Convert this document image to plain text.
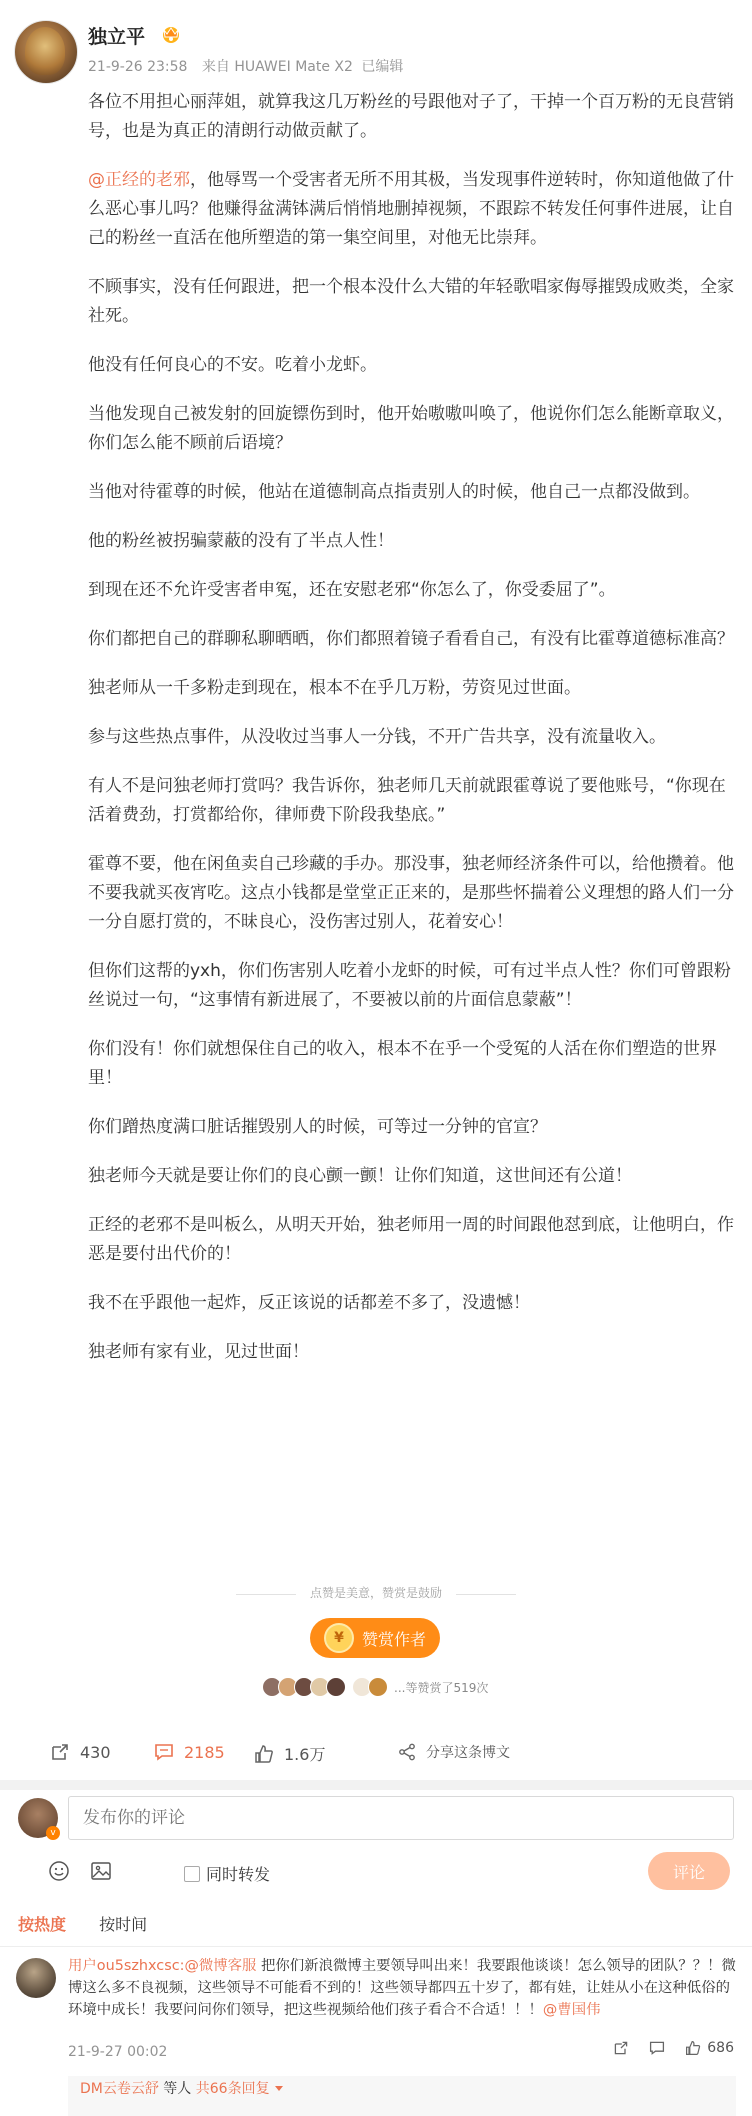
独立平
21-9-26 23:58 来自 HUAWEI Mate X2 已编辑

各位不用担心丽萍姐，就算我这几万粉丝的号跟他对子了，干掉一个百万粉的无良营销号，也是为真正的清朗行动做贡献了。

@正经的老邪，他辱骂一个受害者无所不用其极，当发现事件逆转时，你知道他做了什么恶心事儿吗？他赚得盆满钵满后悄悄地删掉视频，不跟踪不转发任何事件进展，让自己的粉丝一直活在他所塑造的第一集空间里，对他无比崇拜。

不顾事实，没有任何跟进，把一个根本没什么大错的年轻歌唱家侮辱摧毁成败类，全家社死。

他没有任何良心的不安。吃着小龙虾。

当他发现自己被发射的回旋镖伤到时，他开始嗷嗷叫唤了，他说你们怎么能断章取义，你们怎么能不顾前后语境？

当他对待霍尊的时候，他站在道德制高点指责别人的时候，他自己一点都没做到。

他的粉丝被拐骗蒙蔽的没有了半点人性！

到现在还不允许受害者申冤，还在安慰老邪“你怎么了，你受委屈了”。

你们都把自己的群聊私聊晒晒，你们都照着镜子看看自己，有没有比霍尊道德标准高？

独老师从一千多粉走到现在，根本不在乎几万粉，劳资见过世面。

参与这些热点事件，从没收过当事人一分钱，不开广告共享，没有流量收入。

有人不是问独老师打赏吗？我告诉你，独老师几天前就跟霍尊说了要他账号，“你现在活着费劲，打赏都给你，律师费下阶段我垫底。”

霍尊不要，他在闲鱼卖自己珍藏的手办。那没事，独老师经济条件可以，给他攒着。他不要我就买夜宵吃。这点小钱都是堂堂正正来的，是那些怀揣着公义理想的路人们一分一分自愿打赏的，不昧良心，没伤害过别人，花着安心！

但你们这帮的yxh，你们伤害别人吃着小龙虾的时候，可有过半点人性？你们可曾跟粉丝说过一句，“这事情有新进展了，不要被以前的片面信息蒙蔽”！

你们没有！你们就想保住自己的收入，根本不在乎一个受冤的人活在你们塑造的世界里！

你们蹭热度满口脏话摧毁别人的时候，可等过一分钟的官宣？

独老师今天就是要让你们的良心颤一颤！让你们知道，这世间还有公道！

正经的老邪不是叫板么，从明天开始，独老师用一周的时间跟他怼到底，让他明白，作恶是要付出代价的！

我不在乎跟他一起炸，反正该说的话都差不多了，没遗憾！

独老师有家有业，见过世面！

点赞是美意，赞赏是鼓励
¥	赞赏作者
...等赞赏了519次
430	2185	1.6万	分享这条博文
v
发布你的评论
同时转发	评论
按热度 按时间
用户ou5szhxcsc:@微博客服 把你们新浪微博主要领导叫出来！我要跟他谈谈！怎么领导的团队？？！微博这么多不良视频，这些领导不可能看不到的！这些领导都四五十岁了，都有娃，让娃从小在这种低俗的环境中成长！我要问问你们领导，把这些视频给他们孩子看合不合适！！！@曹国伟
21-9-27 00:02	686
DM云卷云舒 等人 共66条回复
